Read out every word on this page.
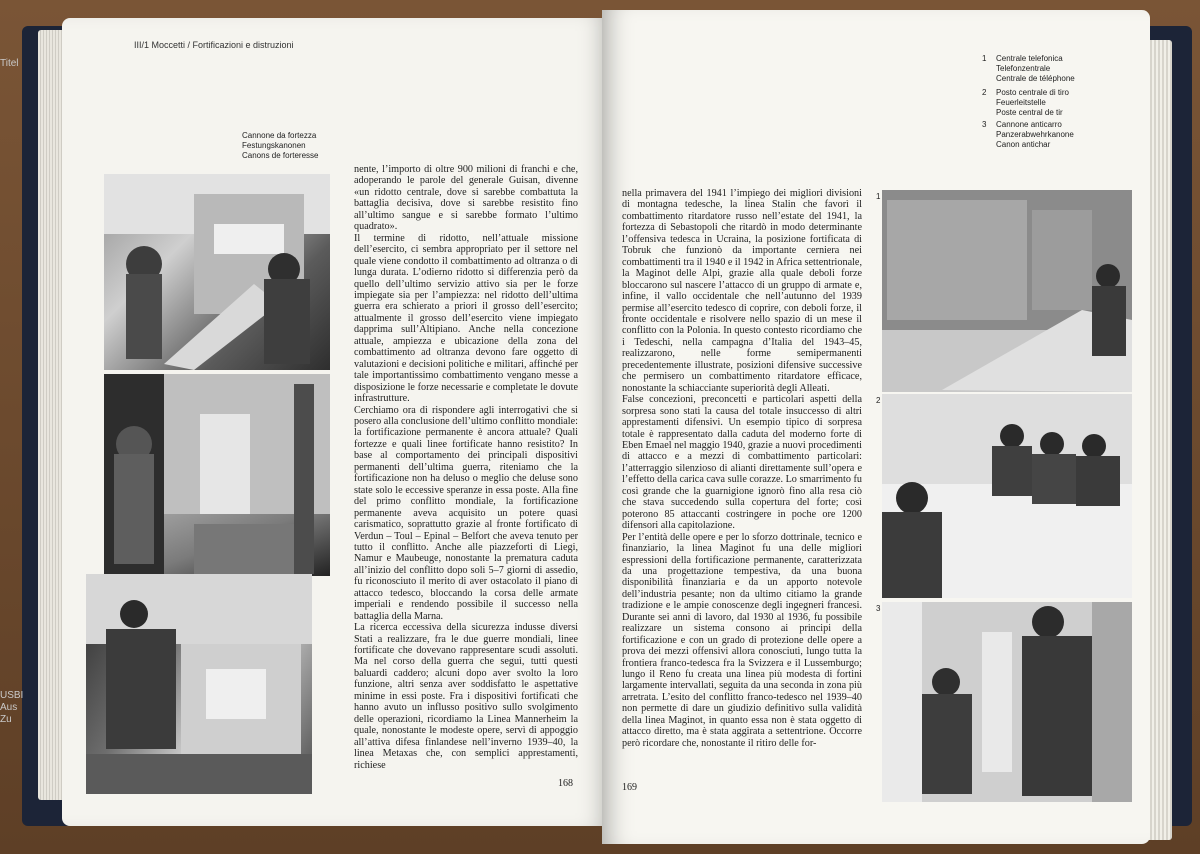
Titel
USBI
Aus
Zu
III/1 Moccetti / Fortificazioni e distruzioni
Cannone da fortezza
Festungskanonen
Canons de forteresse

nente, l’importo di oltre 900 milioni di franchi e che, adoperando le parole del generale Guisan, divenne «un ridotto centrale, dove si sarebbe combattuta la battaglia decisiva, dove si sarebbe resistito fino all’ultimo sangue e si sarebbe formato l’ultimo quadrato».

Il termine di ridotto, nell’attuale missione dell’esercito, ci sembra appropriato per il settore nel quale viene condotto il combattimento ad oltranza o di lunga durata. L’odierno ridotto si differenzia però da quello dell’ultimo servizio attivo sia per le forze impiegate sia per l’ampiezza: nel ridotto dell’ultima guerra era schierato a priori il grosso dell’esercito; attualmente il grosso dell’esercito viene impiegato dapprima sull’Altipiano. Anche nella concezione attuale, ampiezza e ubicazione della zona del combattimento ad oltranza devono fare oggetto di valutazioni e decisioni politiche e militari, affinché per tale importantissimo combattimento vengano messe a disposizione le forze necessarie e completate le dovute infrastrutture.

Cerchiamo ora di rispondere agli interrogativi che si posero alla conclusione dell’ultimo conflitto mondiale: la fortificazione permanente è ancora attuale? Quali fortezze e quali linee fortificate hanno resistito? In base al comportamento dei principali dispositivi permanenti dell’ultima guerra, riteniamo che la fortificazione non ha deluso o meglio che deluse sono state solo le eccessive speranze in essa poste. Alla fine del primo conflitto mondiale, la fortificazione permanente aveva acquisito un potere quasi carismatico, soprattutto grazie al fronte fortificato di Verdun – Toul – Epinal – Belfort che aveva tenuto per tutto il conflitto. Anche alle piazzeforti di Liegi, Namur e Maubeuge, nonostante la prematura caduta all’inizio del conflitto dopo soli 5–7 giorni di assedio, fu riconosciuto il merito di aver ostacolato il piano di attacco tedesco, bloccando la corsa delle armate imperiali e rendendo possibile il successo nella battaglia della Marna.

La ricerca eccessiva della sicurezza indusse diversi Stati a realizzare, fra le due guerre mondiali, linee fortificate che dovevano rappresentare scudi assoluti. Ma nel corso della guerra che seguì, tutti questi baluardi caddero; alcuni dopo aver svolto la loro funzione, altri senza aver soddisfatto le aspettative minime in essi poste. Fra i dispositivi fortificati che hanno avuto un influsso positivo sullo svolgimento delle operazioni, ricordiamo la Linea Mannerheim la quale, nonostante le modeste opere, servì di appoggio all’attiva difesa finlandese nell’inverno 1939–40, la linea Metaxas che, con semplici apprestamenti, richiese

168
1 Centrale telefonica
Telefonzentrale
Centrale de téléphone
2 Posto centrale di tiro
Feuerleitstelle
Poste central de tir
3 Cannone anticarro
Panzerabwehrkanone
Canon antichar

nella primavera del 1941 l’impiego dei migliori divisioni di montagna tedesche, la linea Stalin che favorì il combattimento ritardatore russo nell’estate del 1941, la fortezza di Sebastopoli che ritardò in modo determinante l’offensiva tedesca in Ucraina, la posizione fortificata di Tobruk che funzionò da importante cerniera nei combattimenti tra il 1940 e il 1942 in Africa settentrionale, la Maginot delle Alpi, grazie alla quale deboli forze bloccarono sul nascere l’attacco di un gruppo di armate e, infine, il vallo occidentale che nell’autunno del 1939 permise all’esercito tedesco di coprire, con deboli forze, il fronte occidentale e risolvere nello spazio di un mese il conflitto con la Polonia. In questo contesto ricordiamo che i Tedeschi, nella campagna d’Italia del 1943–45, realizzarono, nelle forme semipermanenti precedentemente illustrate, posizioni difensive successive che permisero un combattimento ritardatore efficace, nonostante la schiacciante superiorità degli Alleati.

False concezioni, preconcetti e particolari aspetti della sorpresa sono stati la causa del totale insuccesso di altri apprestamenti difensivi. Un esempio tipico di sorpresa totale è rappresentato dalla caduta del moderno forte di Eben Emael nel maggio 1940, grazie a nuovi procedimenti di attacco e a mezzi di combattimento particolari: l’atterraggio silenzioso di alianti direttamente sull’opera e l’effetto della carica cava sulle corazze. Lo smarrimento fu così grande che la guarnigione ignorò fino alla resa ciò che stava succedendo sulla copertura del forte; così poterono 85 attaccanti costringere in poche ore 1200 difensori alla capitolazione.

Per l’entità delle opere e per lo sforzo dottrinale, tecnico e finanziario, la linea Maginot fu una delle migliori espressioni della fortificazione permanente, caratterizzata da una progettazione tempestiva, da una buona disponibilità finanziaria e da un apporto notevole dell’industria pesante; non da ultimo citiamo la grande tradizione e le ampie conoscenze degli ingegneri francesi. Durante sei anni di lavoro, dal 1930 al 1936, fu possibile realizzare un sistema consono ai principi della fortificazione e con un grado di protezione delle opere a prova dei mezzi offensivi allora conosciuti, lungo tutta la frontiera franco-tedesca fra la Svizzera e il Lussemburgo; lungo il Reno fu creata una linea più modesta di fortini largamente intervallati, seguita da una seconda in zona più arretrata. L’esito del conflitto franco-tedesco nel 1939–40 non permette di dare un giudizio definitivo sulla validità della linea Maginot, in quanto essa non è stata oggetto di attacco diretto, ma è stata aggirata a settentrione. Occorre però ricordare che, nonostante il ritiro delle for-

1
2
3
169
